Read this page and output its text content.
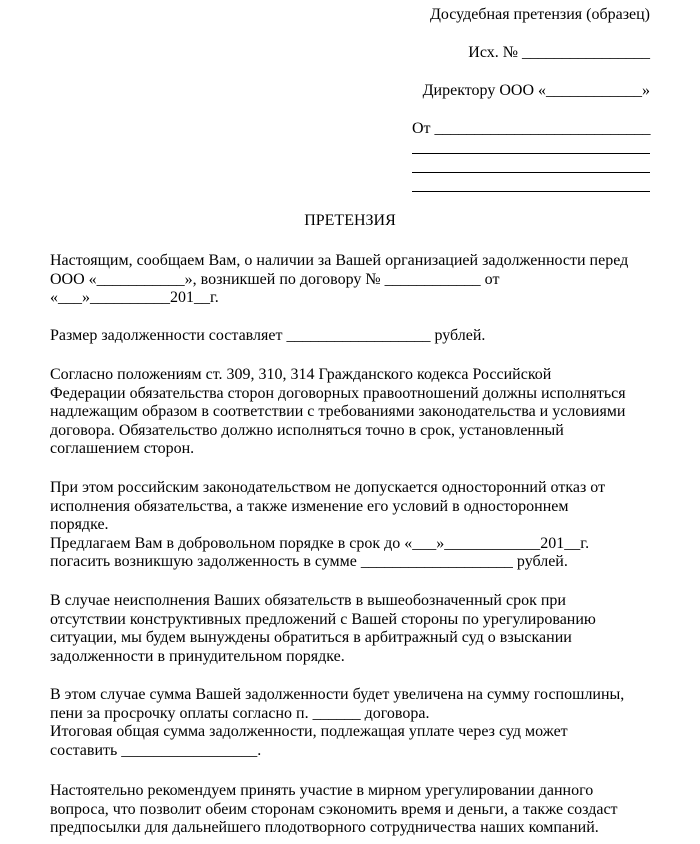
Досудебная претензия (образец)
Исх. № ________________
Директору ООО «____________»
От ___________________________
ПРЕТЕНЗИЯ
Настоящим, сообщаем Вам, о наличии за Вашей организацией задолженности перед
ООО «___________», возникшей по договору № ____________ от
«___»__________201__г.
Размер задолженности составляет __________________ рублей.
Согласно положениям ст. 309, 310, 314 Гражданского кодекса Российской
Федерации обязательства сторон договорных правоотношений должны исполняться
надлежащим образом в соответствии с требованиями законодательства и условиями
договора. Обязательство должно исполняться точно в срок, установленный
соглашением сторон.
При этом российским законодательством не допускается односторонний отказ от
исполнения обязательства, а также изменение его условий в одностороннем
порядке.
Предлагаем Вам в добровольном порядке в срок до «___»____________201__г.
погасить возникшую задолженность в сумме ___________________ рублей.
В случае неисполнения Ваших обязательств в вышеобозначенный срок при
отсутствии конструктивных предложений с Вашей стороны по урегулированию
ситуации, мы будем вынуждены обратиться в арбитражный суд о взыскании
задолженности в принудительном порядке.
В этом случае сумма Вашей задолженности будет увеличена на сумму госпошлины,
пени за просрочку оплаты согласно п. ______ договора.
Итоговая общая сумма задолженности, подлежащая уплате через суд может
составить _________________.
Настоятельно рекомендуем принять участие в мирном урегулировании данного
вопроса, что позволит обеим сторонам сэкономить время и деньги, а также создаст
предпосылки для дальнейшего плодотворного сотрудничества наших компаний.
